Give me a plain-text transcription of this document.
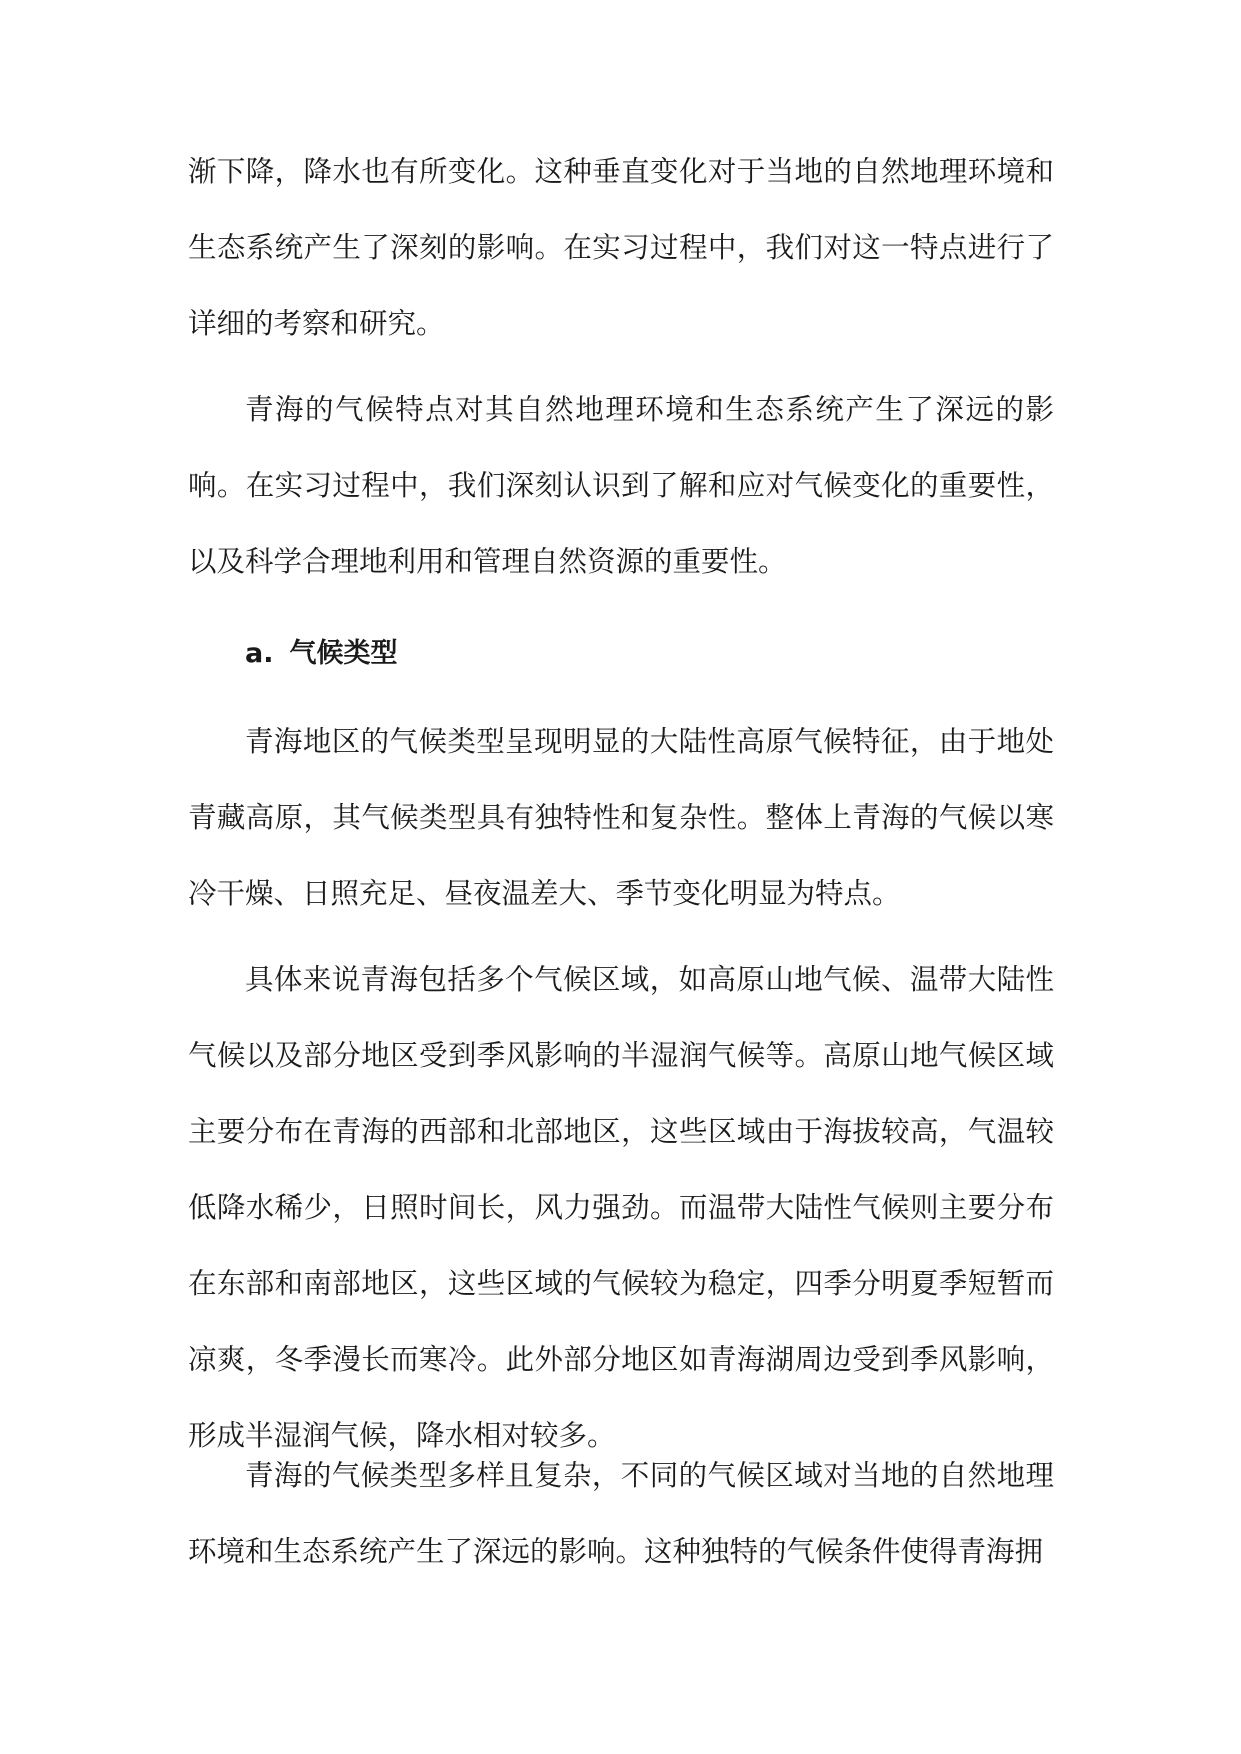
渐下降，降水也有所变化。这种垂直变化对于当地的自然地理环境和生态系统产生了深刻的影响。在实习过程中，我们对这一特点进行了详细的考察和研究。

青海的气候特点对其自然地理环境和生态系统产生了深远的影响。在实习过程中，我们深刻认识到了解和应对气候变化的重要性，以及科学合理地利用和管理自然资源的重要性。

a. 气候类型

青海地区的气候类型呈现明显的大陆性高原气候特征，由于地处青藏高原，其气候类型具有独特性和复杂性。整体上青海的气候以寒冷干燥、日照充足、昼夜温差大、季节变化明显为特点。

具体来说青海包括多个气候区域，如高原山地气候、温带大陆性气候以及部分地区受到季风影响的半湿润气候等。高原山地气候区域主要分布在青海的西部和北部地区，这些区域由于海拔较高，气温较低降水稀少，日照时间长，风力强劲。而温带大陆性气候则主要分布在东部和南部地区，这些区域的气候较为稳定，四季分明夏季短暂而凉爽，冬季漫长而寒冷。此外部分地区如青海湖周边受到季风影响，形成半湿润气候，降水相对较多。

青海的气候类型多样且复杂，不同的气候区域对当地的自然地理环境和生态系统产生了深远的影响。这种独特的气候条件使得青海拥
